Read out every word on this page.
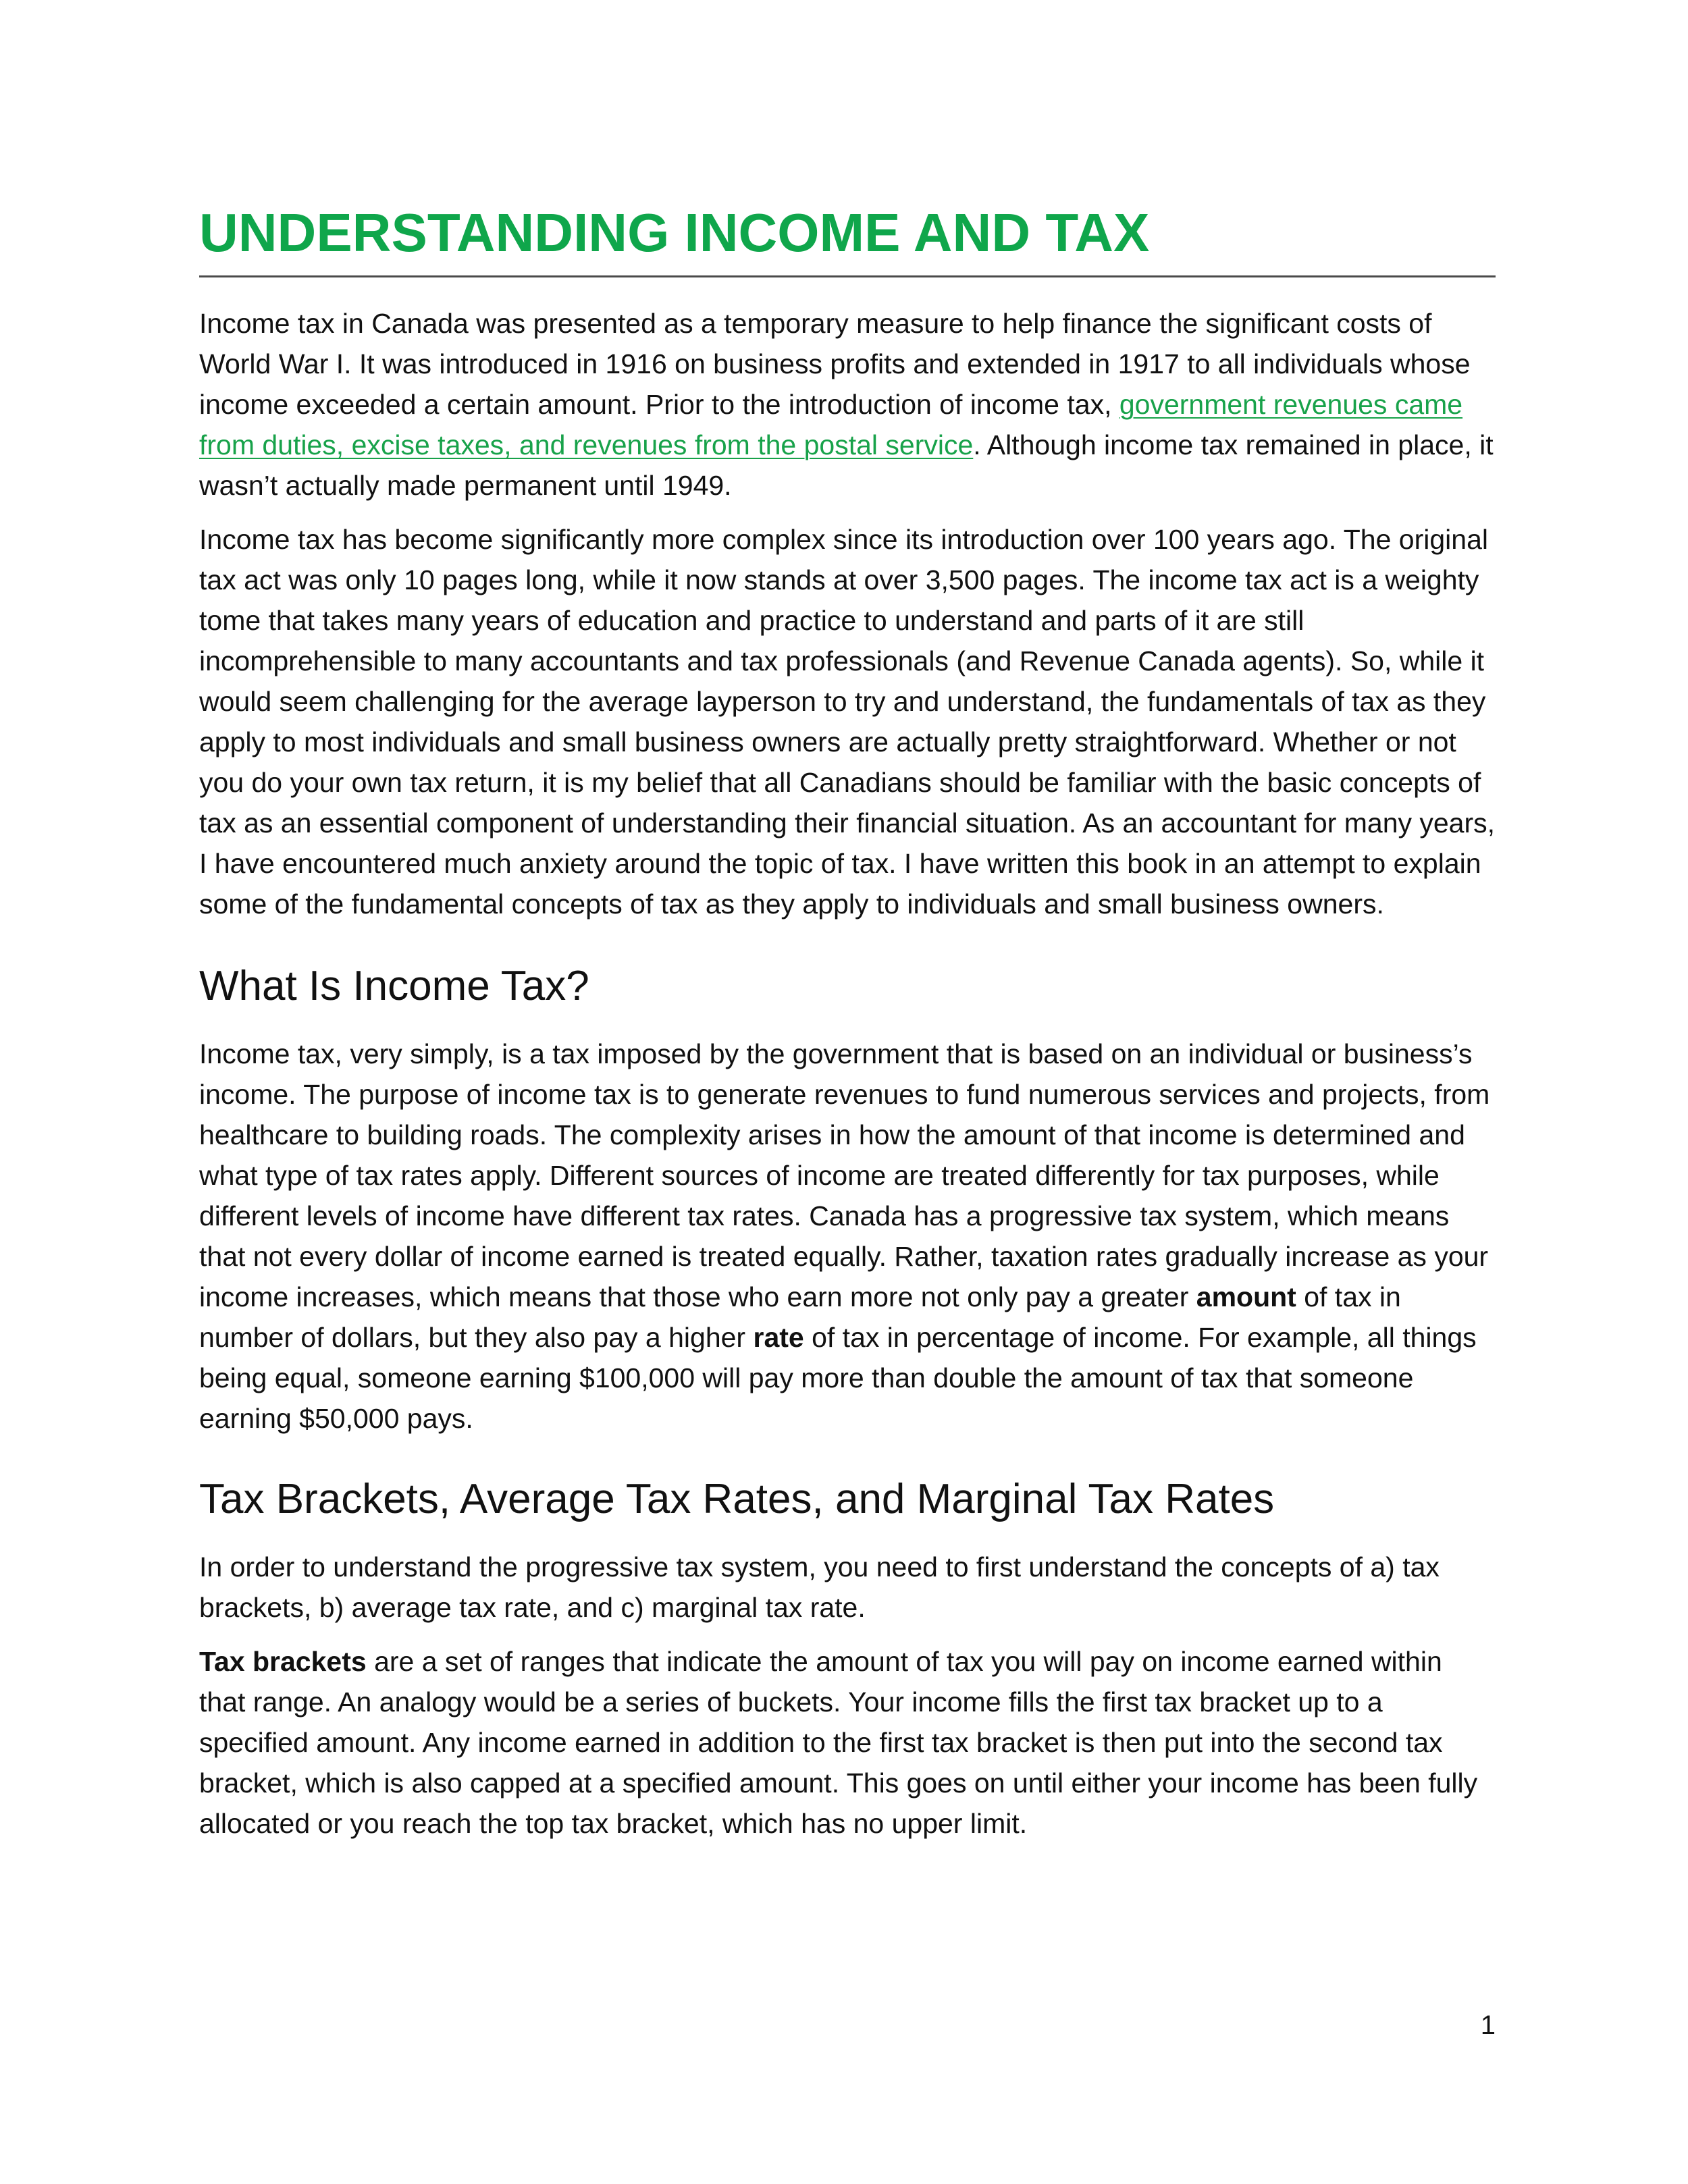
UNDERSTANDING INCOME AND TAX

Income tax in Canada was presented as a temporary measure to help finance the significant costs of World War I. It was introduced in 1916 on business profits and extended in 1917 to all individuals whose income exceeded a certain amount. Prior to the introduction of income tax, government revenues came from duties, excise taxes, and revenues from the postal service. Although income tax remained in place, it wasn’t actually made permanent until 1949.

Income tax has become significantly more complex since its introduction over 100 years ago. The original tax act was only 10 pages long, while it now stands at over 3,500 pages. The income tax act is a weighty tome that takes many years of education and practice to understand and parts of it are still incomprehensible to many accountants and tax professionals (and Revenue Canada agents). So, while it would seem challenging for the average layperson to try and understand, the fundamentals of tax as they apply to most individuals and small business owners are actually pretty straightforward. Whether or not you do your own tax return, it is my belief that all Canadians should be familiar with the basic concepts of tax as an essential component of understanding their financial situation. As an accountant for many years, I have encountered much anxiety around the topic of tax. I have written this book in an attempt to explain some of the fundamental concepts of tax as they apply to individuals and small business owners.

What Is Income Tax?

Income tax, very simply, is a tax imposed by the government that is based on an individual or business’s income. The purpose of income tax is to generate revenues to fund numerous services and projects, from healthcare to building roads. The complexity arises in how the amount of that income is determined and what type of tax rates apply. Different sources of income are treated differently for tax purposes, while different levels of income have different tax rates. Canada has a progressive tax system, which means that not every dollar of income earned is treated equally. Rather, taxation rates gradually increase as your income increases, which means that those who earn more not only pay a greater amount of tax in number of dollars, but they also pay a higher rate of tax in percentage of income. For example, all things being equal, someone earning $100,000 will pay more than double the amount of tax that someone earning $50,000 pays.

Tax Brackets, Average Tax Rates, and Marginal Tax Rates

In order to understand the progressive tax system, you need to first understand the concepts of a) tax brackets, b) average tax rate, and c) marginal tax rate.

Tax brackets are a set of ranges that indicate the amount of tax you will pay on income earned within that range. An analogy would be a series of buckets. Your income fills the first tax bracket up to a specified amount. Any income earned in addition to the first tax bracket is then put into the second tax bracket, which is also capped at a specified amount. This goes on until either your income has been fully allocated or you reach the top tax bracket, which has no upper limit.

1
